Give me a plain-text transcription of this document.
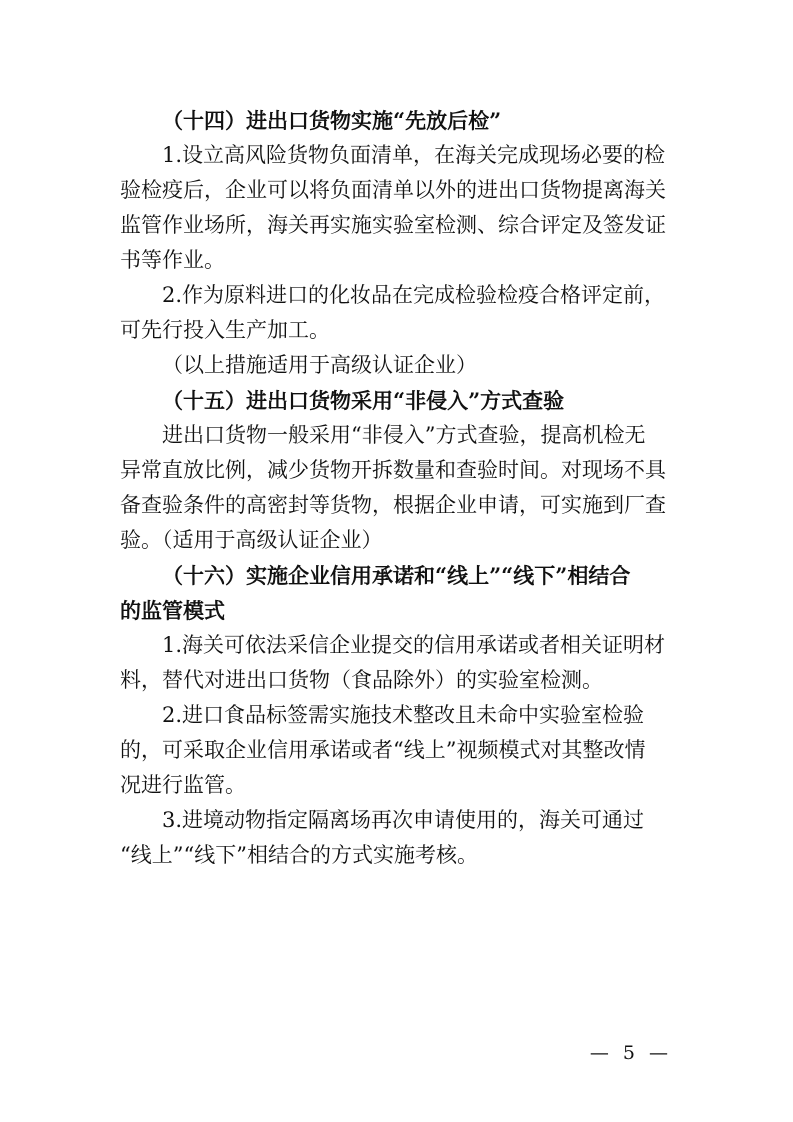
（十四）进出口货物实施“先放后检”
1.设立高风险货物负面清单，在海关完成现场必要的检
验检疫后，企业可以将负面清单以外的进出口货物提离海关
监管作业场所，海关再实施实验室检测、综合评定及签发证
书等作业。
2.作为原料进口的化妆品在完成检验检疫合格评定前，
可先行投入生产加工。
（以上措施适用于高级认证企业）
（十五）进出口货物采用“非侵入”方式查验
进出口货物一般采用“非侵入”方式查验，提高机检无
异常直放比例，减少货物开拆数量和查验时间。对现场不具
备查验条件的高密封等货物，根据企业申请，可实施到厂查
验。（适用于高级认证企业）
（十六）实施企业信用承诺和“线上”“线下”相结合
的监管模式
1.海关可依法采信企业提交的信用承诺或者相关证明材
料，替代对进出口货物（食品除外）的实验室检测。
2.进口食品标签需实施技术整改且未命中实验室检验
的，可采取企业信用承诺或者“线上”视频模式对其整改情
况进行监管。
3.进境动物指定隔离场再次申请使用的，海关可通过
“线上”“线下”相结合的方式实施考核。
— 5 —
